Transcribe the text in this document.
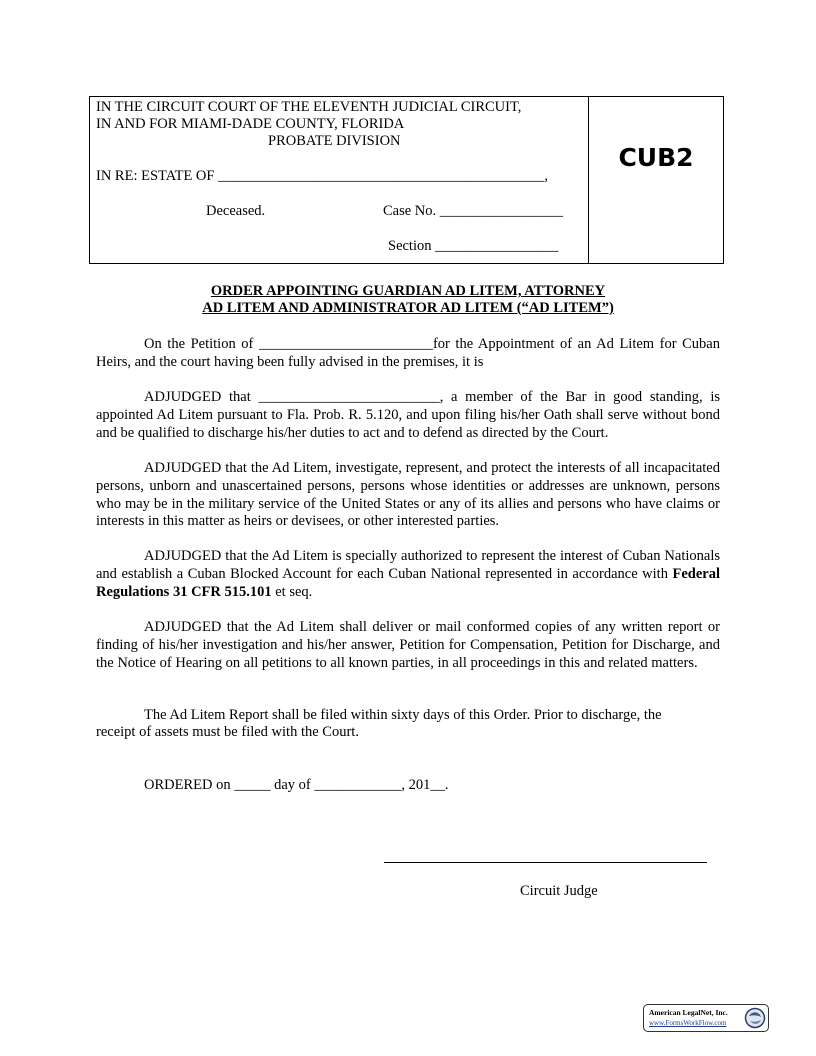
IN THE CIRCUIT COURT OF THE ELEVENTH JUDICIAL CIRCUIT,
IN AND FOR MIAMI-DADE COUNTY, FLORIDA
PROBATE DIVISION
IN RE: ESTATE OF _____________________________________________,
Deceased.	Case No. _________________
Section _________________
CUB2
ORDER APPOINTING GUARDIAN AD LITEM, ATTORNEY
AD LITEM AND ADMINISTRATOR AD LITEM (“AD LITEM”)

On the Petition of ________________________for the Appointment of an Ad Litem for Cuban Heirs, and the court having been fully advised in the premises, it is

ADJUDGED that _________________________, a member of the Bar in good standing, is appointed Ad Litem pursuant to Fla. Prob. R. 5.120, and upon filing his/her Oath shall serve without bond and be qualified to discharge his/her duties to act and to defend as directed by the Court.

ADJUDGED that the Ad Litem, investigate, represent, and protect the interests of all incapacitated persons, unborn and unascertained persons, persons whose identities or addresses are unknown, persons who may be in the military service of the United States or any of its allies and persons who have claims or interests in this matter as heirs or devisees, or other interested parties.

ADJUDGED that the Ad Litem is specially authorized to represent the interest of Cuban Nationals and establish a Cuban Blocked Account for each Cuban National represented in accordance with Federal Regulations 31 CFR 515.101 et seq.

ADJUDGED that the Ad Litem shall deliver or mail conformed copies of any written report or finding of his/her investigation and his/her answer, Petition for Compensation, Petition for Discharge, and the Notice of Hearing on all petitions to all known parties, in all proceedings in this and related matters.

The Ad Litem Report shall be filed within sixty days of this Order. Prior to discharge, the
receipt of assets must be filed with the Court.
ORDERED on _____ day of ____________, 201__.
Circuit Judge
American LegalNet, Inc.
www.FormsWorkFlow.com
